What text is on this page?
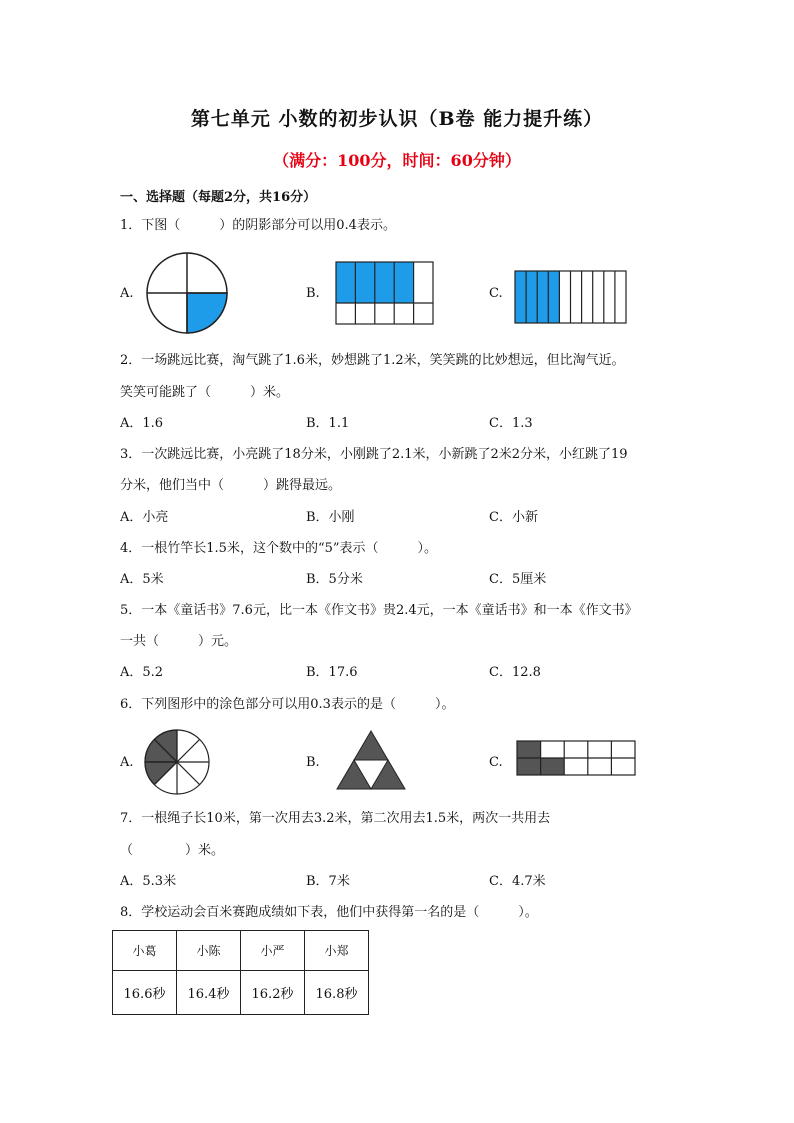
第七单元 小数的初步认识（B卷 能力提升练）
（满分：100分，时间：60分钟）
一、选择题（每题2分，共16分）
1．下图（　　　）的阴影部分可以用0.4表示。
A.	B.	C.
2．一场跳远比赛，淘气跳了1.6米，妙想跳了1.2米，笑笑跳的比妙想远，但比淘气近。
笑笑可能跳了（　　　）米。
A．1.6	B．1.1	C．1.3
3．一次跳远比赛，小亮跳了18分米，小刚跳了2.1米，小新跳了2米2分米，小红跳了19
分米，他们当中（　　　）跳得最远。
A．小亮	B．小刚	C．小新
4．一根竹竿长1.5米，这个数中的“5”表示（　　　）。
A．5米	B．5分米	C．5厘米
5．一本《童话书》7.6元，比一本《作文书》贵2.4元，一本《童话书》和一本《作文书》
一共（　　　）元。
A．5.2	B．17.6	C．12.8
6．下列图形中的涂色部分可以用0.3表示的是（　　　）。
A.	B.	C.
7．一根绳子长10米，第一次用去3.2米，第二次用去1.5米，两次一共用去
（　　　　）米。
A．5.3米	B．7米	C．4.7米
8．学校运动会百米赛跑成绩如下表，他们中获得第一名的是（　　　）。
小葛	小陈	小严	小郑
16.6秒	16.4秒	16.2秒	16.8秒
